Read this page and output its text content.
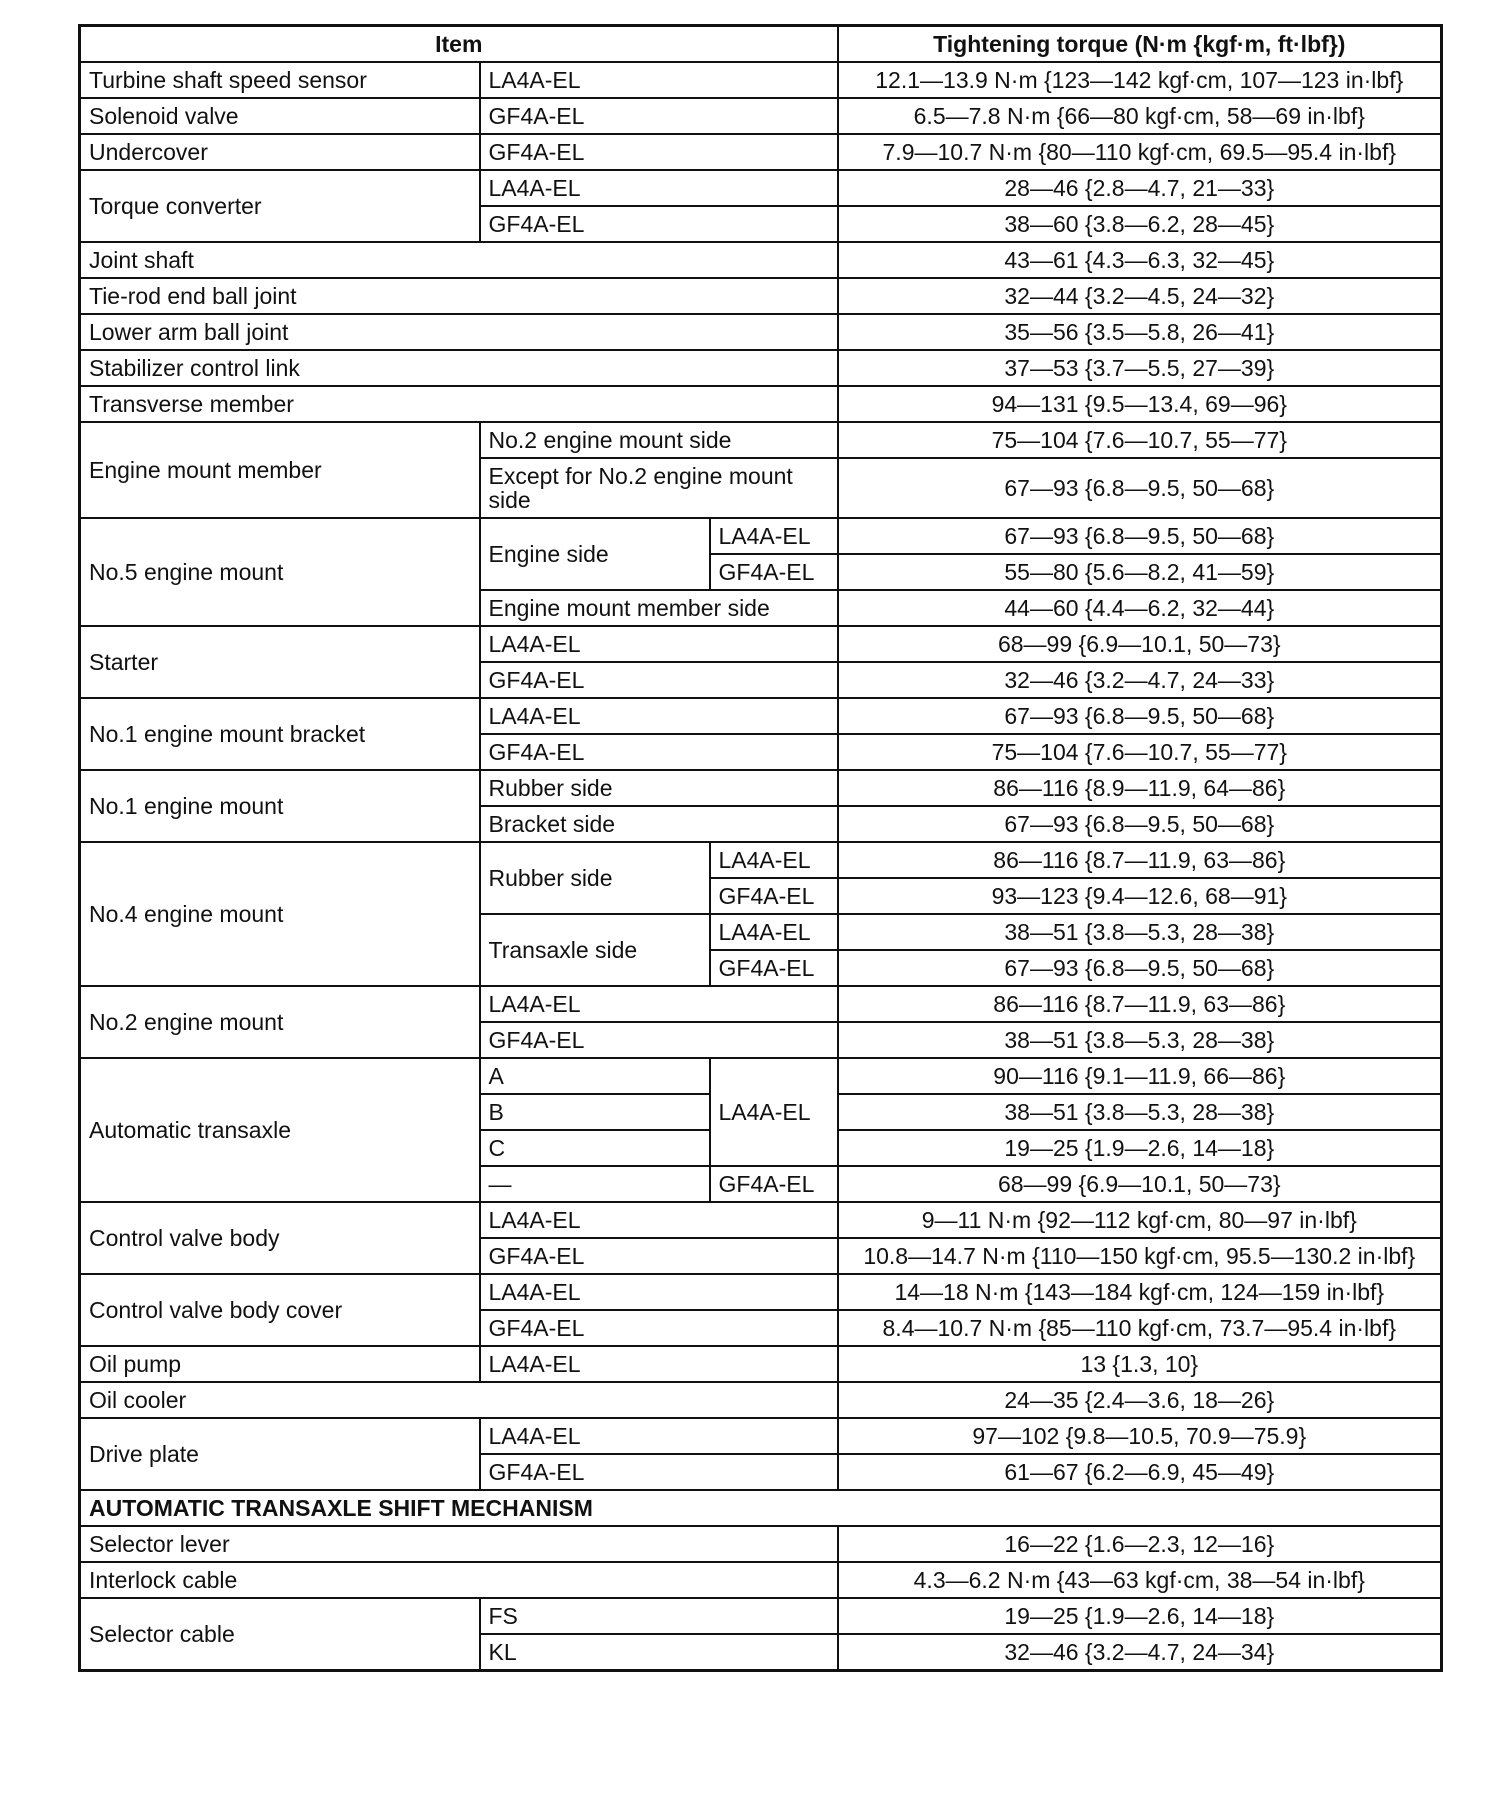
Item			Tightening torque (N·m {kgf·m, ft·lbf})
Turbine shaft speed sensor	LA4A-EL		12.1—13.9 N·m {123—142 kgf·cm, 107—123 in·lbf}
Solenoid valve	GF4A-EL		6.5—7.8 N·m {66—80 kgf·cm, 58—69 in·lbf}
Undercover	GF4A-EL		7.9—10.7 N·m {80—110 kgf·cm, 69.5—95.4 in·lbf}
Torque converter	LA4A-EL		28—46 {2.8—4.7, 21—33}
	GF4A-EL		38—60 {3.8—6.2, 28—45}
Joint shaft			43—61 {4.3—6.3, 32—45}
Tie-rod end ball joint			32—44 {3.2—4.5, 24—32}
Lower arm ball joint			35—56 {3.5—5.8, 26—41}
Stabilizer control link			37—53 {3.7—5.5, 27—39}
Transverse member			94—131 {9.5—13.4, 69—96}
Engine mount member	No.2 engine mount side		75—104 {7.6—10.7, 55—77}
	Except for No.2 engine mount side		67—93 {6.8—9.5, 50—68}
No.5 engine mount	Engine side	LA4A-EL	67—93 {6.8—9.5, 50—68}
		GF4A-EL	55—80 {5.6—8.2, 41—59}
	Engine mount member side		44—60 {4.4—6.2, 32—44}
Starter	LA4A-EL		68—99 {6.9—10.1, 50—73}
	GF4A-EL		32—46 {3.2—4.7, 24—33}
No.1 engine mount bracket	LA4A-EL		67—93 {6.8—9.5, 50—68}
	GF4A-EL		75—104 {7.6—10.7, 55—77}
No.1 engine mount	Rubber side		86—116 {8.9—11.9, 64—86}
	Bracket side		67—93 {6.8—9.5, 50—68}
No.4 engine mount	Rubber side	LA4A-EL	86—116 {8.7—11.9, 63—86}
		GF4A-EL	93—123 {9.4—12.6, 68—91}
	Transaxle side	LA4A-EL	38—51 {3.8—5.3, 28—38}
		GF4A-EL	67—93 {6.8—9.5, 50—68}
No.2 engine mount	LA4A-EL		86—116 {8.7—11.9, 63—86}
	GF4A-EL		38—51 {3.8—5.3, 28—38}
Automatic transaxle	A	LA4A-EL	90—116 {9.1—11.9, 66—86}
	B		38—51 {3.8—5.3, 28—38}
	C		19—25 {1.9—2.6, 14—18}
	—	GF4A-EL	68—99 {6.9—10.1, 50—73}
Control valve body	LA4A-EL		9—11 N·m {92—112 kgf·cm, 80—97 in·lbf}
	GF4A-EL		10.8—14.7 N·m {110—150 kgf·cm, 95.5—130.2 in·lbf}
Control valve body cover	LA4A-EL		14—18 N·m {143—184 kgf·cm, 124—159 in·lbf}
	GF4A-EL		8.4—10.7 N·m {85—110 kgf·cm, 73.7—95.4 in·lbf}
Oil pump	LA4A-EL		13 {1.3, 10}
Oil cooler			24—35 {2.4—3.6, 18—26}
Drive plate	LA4A-EL		97—102 {9.8—10.5, 70.9—75.9}
	GF4A-EL		61—67 {6.2—6.9, 45—49}
AUTOMATIC TRANSAXLE SHIFT MECHANISM			
Selector lever			16—22 {1.6—2.3, 12—16}
Interlock cable			4.3—6.2 N·m {43—63 kgf·cm, 38—54 in·lbf}
Selector cable	FS		19—25 {1.9—2.6, 14—18}
	KL		32—46 {3.2—4.7, 24—34}
